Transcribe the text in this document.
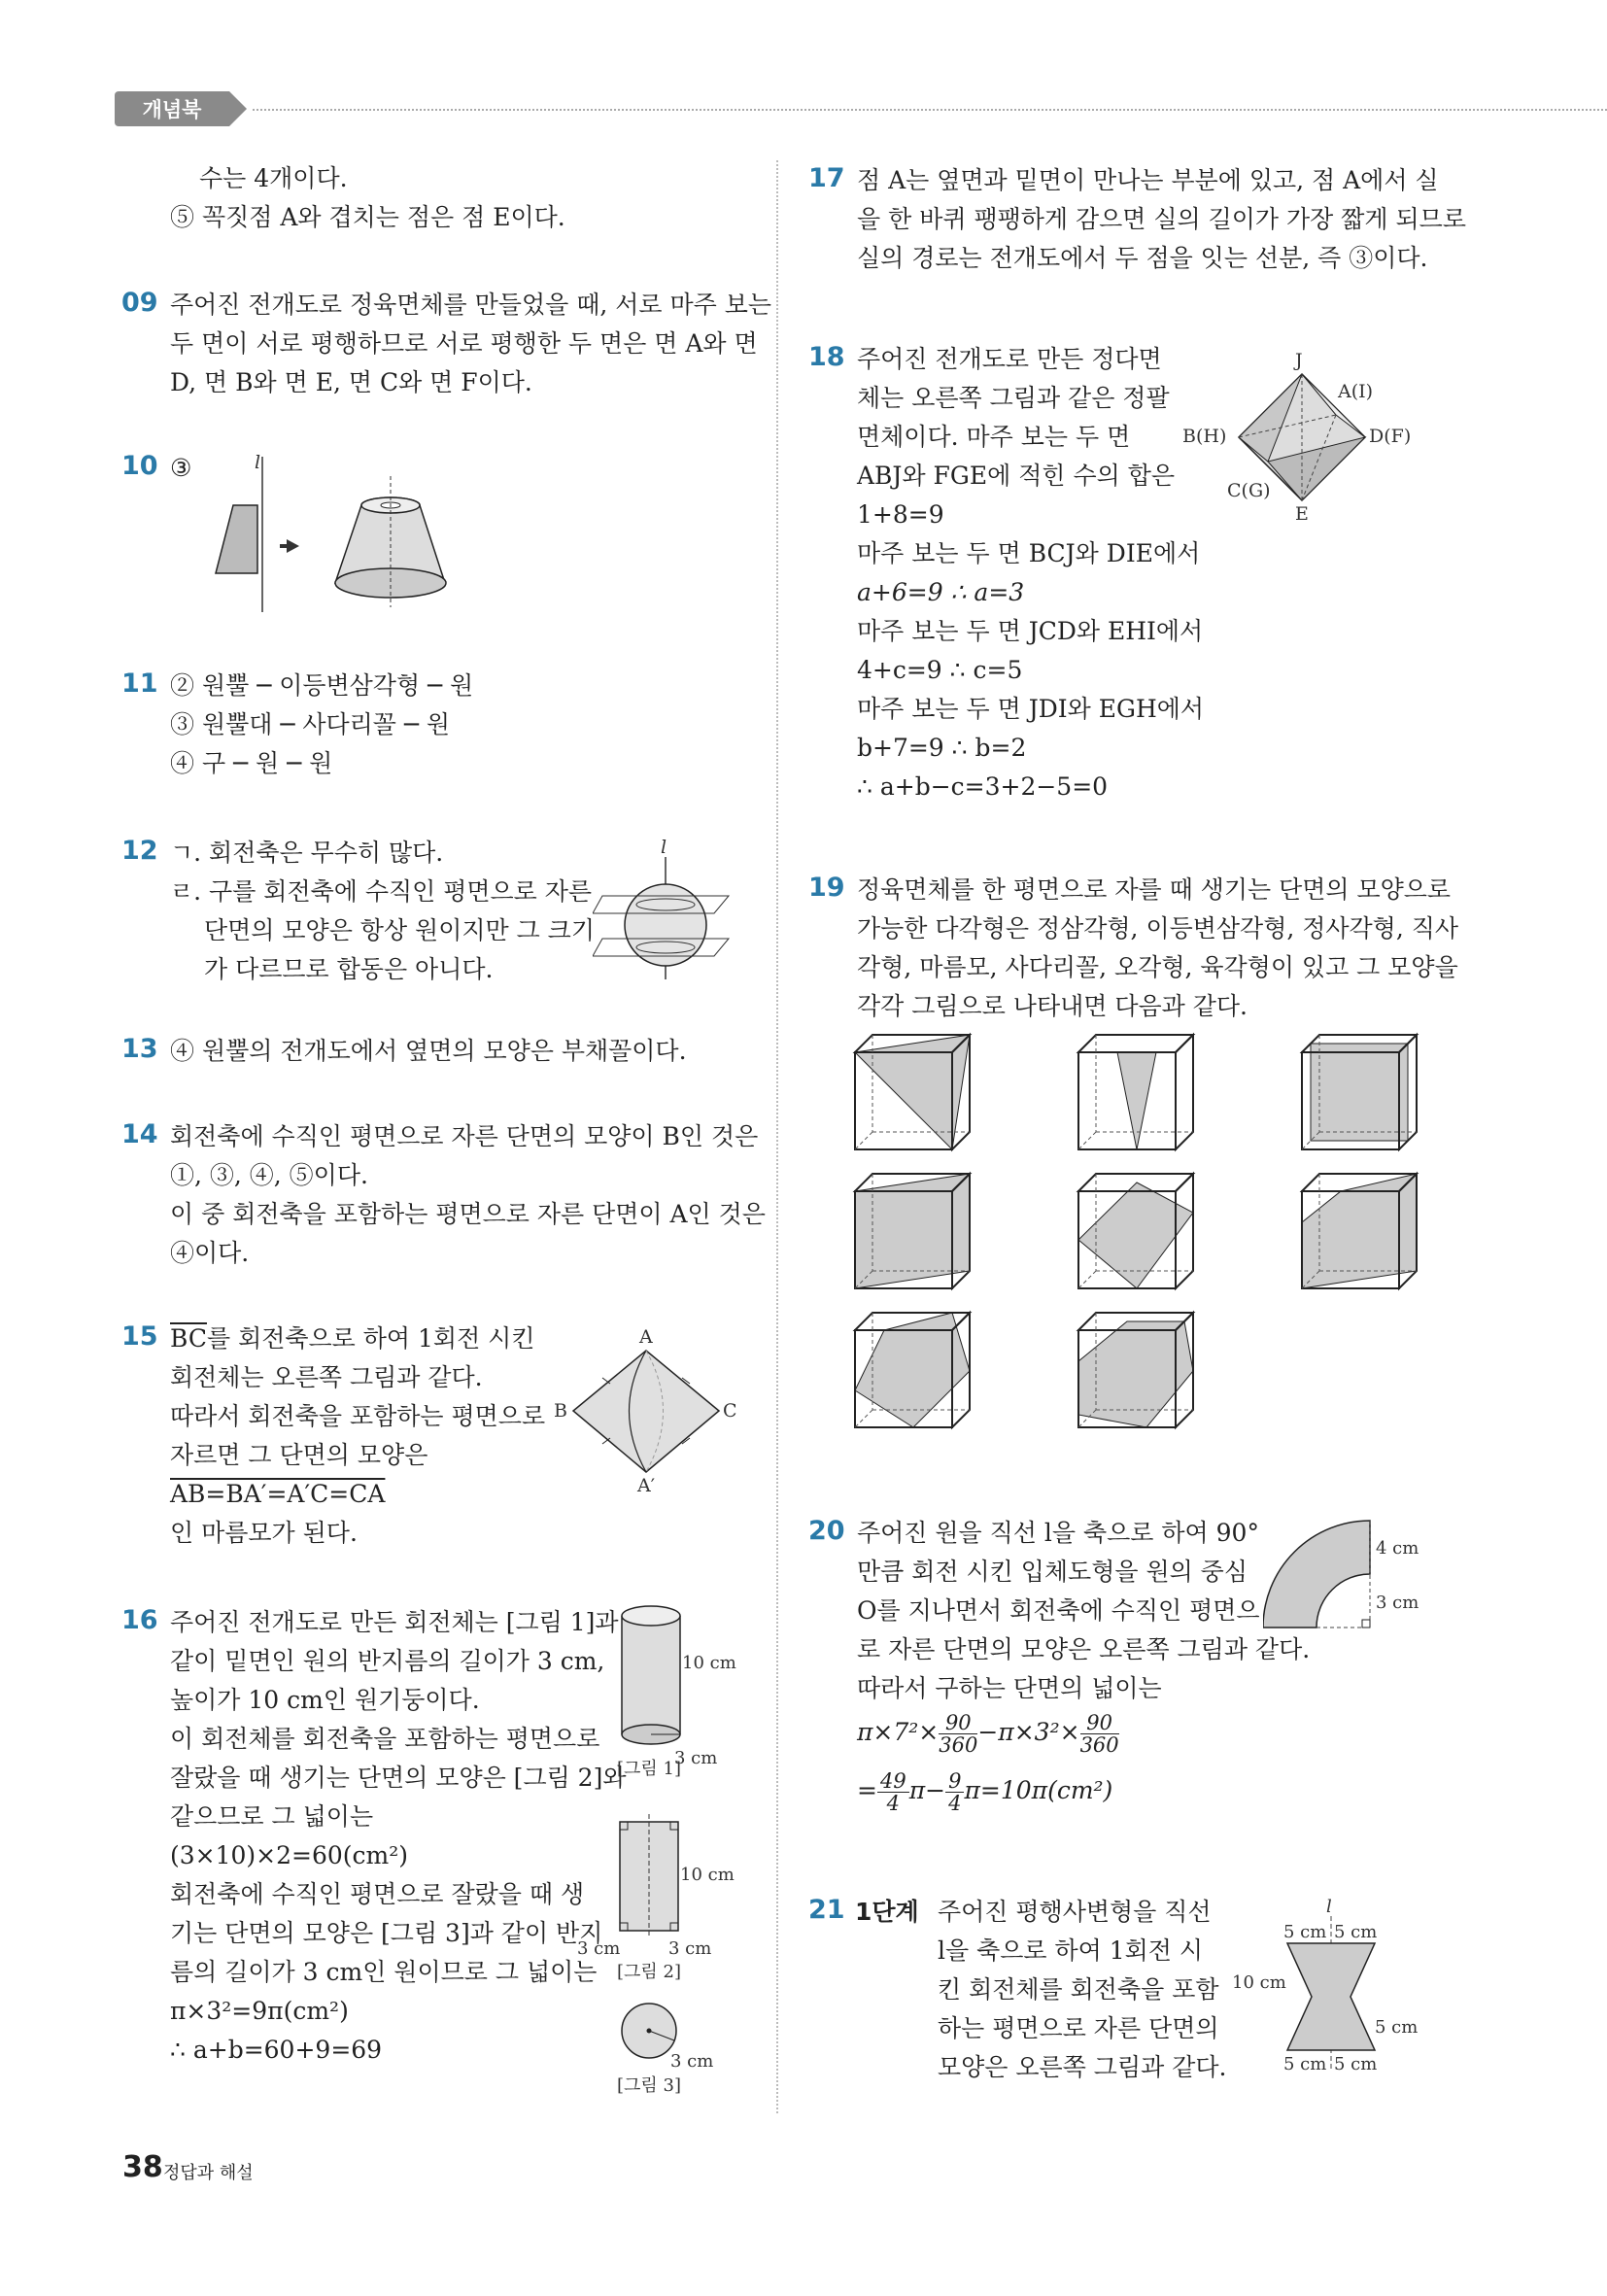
개념북
수는 4개이다.
⑤ 꼭짓점 A와 겹치는 점은 점 E이다.
09 주어진 전개도로 정육면체를 만들었을 때, 서로 마주 보는
두 면이 서로 평행하므로 서로 평행한 두 면은 면 A와 면
D, 면 B와 면 E, 면 C와 면 F이다.
10 ③	l
11 ② 원뿔 ─ 이등변삼각형 ─ 원
③ 원뿔대 ─ 사다리꼴 ─ 원
④ 구 ─ 원 ─ 원
12 ㄱ. 회전축은 무수히 많다.
ㄹ. 구를 회전축에 수직인 평면으로 자른
단면의 모양은 항상 원이지만 그 크기
가 다르므로 합동은 아니다.
l
13 ④ 원뿔의 전개도에서 옆면의 모양은 부채꼴이다.
14 회전축에 수직인 평면으로 자른 단면의 모양이 B인 것은
①, ③, ④, ⑤이다.
이 중 회전축을 포함하는 평면으로 자른 단면이 A인 것은
④이다.
15 $\overline{BC}$를 회전축으로 하여 1회전 시킨
회전체는 오른쪽 그림과 같다.
따라서 회전축을 포함하는 평면으로
자르면 그 단면의 모양은
AB=BA′=A′C=CA
인 마름모가 된다.
A
B	C
A′
16 주어진 전개도로 만든 회전체는 [그림 1]과
같이 밑면인 원의 반지름의 길이가 3 cm,
높이가 10 cm인 원기둥이다.
이 회전체를 회전축을 포함하는 평면으로
잘랐을 때 생기는 단면의 모양은 [그림 2]와
같으므로 그 넓이는
(3×10)×2=60(cm²)
회전축에 수직인 평면으로 잘랐을 때 생
기는 단면의 모양은 [그림 3]과 같이 반지
름의 길이가 3 cm인 원이므로 그 넓이는
π×3²=9π(cm²)
∴ a+b=60+9=69
10 cm
3 cm
[그림 1]
10 cm
3 cm	3 cm
[그림 2]
3 cm
[그림 3]
17 점 A는 옆면과 밑면이 만나는 부분에 있고, 점 A에서 실
을 한 바퀴 팽팽하게 감으면 실의 길이가 가장 짧게 되므로
실의 경로는 전개도에서 두 점을 잇는 선분, 즉 ③이다.
18 주어진 전개도로 만든 정다면
체는 오른쪽 그림과 같은 정팔
면체이다. 마주 보는 두 면
ABJ와 FGE에 적힌 수의 합은
1+8=9
마주 보는 두 면 BCJ와 DIE에서
a+6=9 ∴ a=3
마주 보는 두 면 JCD와 EHI에서
4+c=9 ∴ c=5
마주 보는 두 면 JDI와 EGH에서
b+7=9 ∴ b=2
∴ a+b−c=3+2−5=0
J
A(I)
B(H)	D(F)
C(G)
E
19 정육면체를 한 평면으로 자를 때 생기는 단면의 모양으로
가능한 다각형은 정삼각형, 이등변삼각형, 정사각형, 직사
각형, 마름모, 사다리꼴, 오각형, 육각형이 있고 그 모양을
각각 그림으로 나타내면 다음과 같다.
20 주어진 원을 직선 l을 축으로 하여 90°
만큼 회전 시킨 입체도형을 원의 중심
O를 지나면서 회전축에 수직인 평면으
로 자른 단면의 모양은 오른쪽 그림과 같다.
따라서 구하는 단면의 넓이는
$\pi\times 7^2\times \frac{90}{360} -\pi\times 3^2\times \frac{90}{360}$
= $\frac{49}{4} \pi- \frac{9}{4} \pi=10\pi(cm^2)$
4 cm
3 cm
21 1단계 주어진 평행사변형을 직선
l을 축으로 하여 1회전 시
킨 회전체를 회전축을 포함
하는 평면으로 자른 단면의
모양은 오른쪽 그림과 같다.
l
5 cm 5 cm
10 cm
5 cm
5 cm 5 cm
38 정답과 해설
